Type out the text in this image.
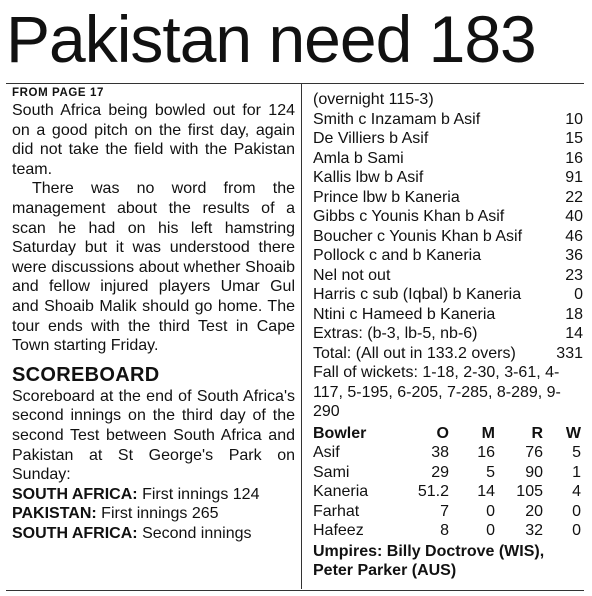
Pakistan need 183
FROM PAGE 17

South Africa being bowled out for 124 on a good pitch on the first day, again did not take the field with the Pakistan team.

There was no word from the management about the results of a scan he had on his left hamstring Saturday but it was understood there were discussions about whether Shoaib and fellow injured players Umar Gul and Shoaib Malik should go home. The tour ends with the third Test in Cape Town starting Friday.

SCOREBOARD

Scoreboard at the end of South Africa's second innings on the third day of the second Test between South Africa and Pakistan at St George's Park on Sunday:

SOUTH AFRICA: First innings 124
PAKISTAN: First innings 265
SOUTH AFRICA: Second innings
(overnight 115-3)
Smith c Inzamam b Asif	10
De Villiers b Asif	15
Amla b Sami	16
Kallis lbw b Asif	91
Prince lbw b Kaneria	22
Gibbs c Younis Khan b Asif	40
Boucher c Younis Khan b Asif	46
Pollock c and b Kaneria	36
Nel not out	23
Harris c sub (Iqbal) b Kaneria	0
Ntini c Hameed b Kaneria	18
Extras: (b-3, lb-5, nb-6)	14
Total: (All out in 133.2 overs)	331
Fall of wickets: 1-18, 2-30, 3-61, 4-117, 5-195, 6-205, 7-285, 8-289, 9-290
Bowler	O	M	R	W
Asif	38	16	76	5
Sami	29	5	90	1
Kaneria	51.2	14	105	4
Farhat	7	0	20	0
Hafeez	8	0	32	0
Umpires: Billy Doctrove (WIS),
Peter Parker (AUS)
